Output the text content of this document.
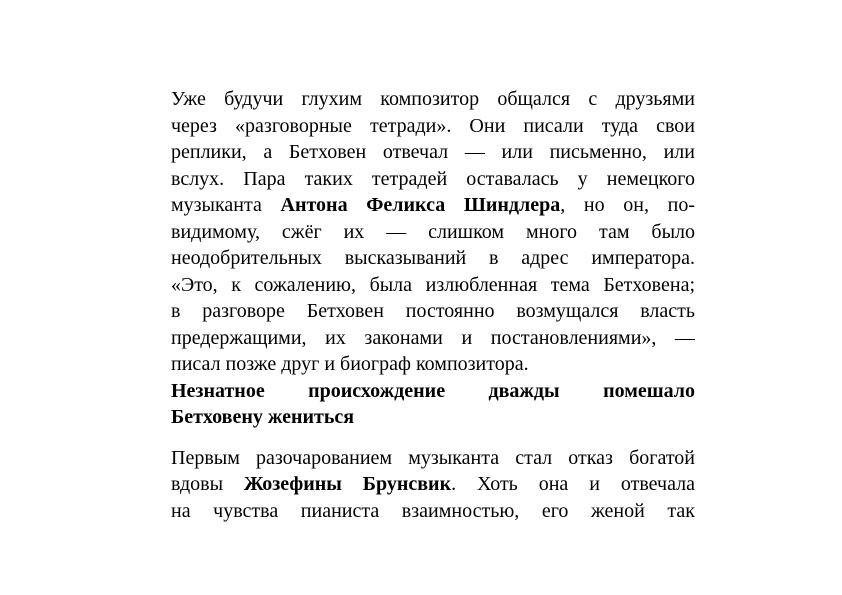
Уже будучи глухим композитор общался с друзьями
через «разговорные тетради». Они писали туда свои
реплики, а Бетховен отвечал — или письменно, или
вслух. Пара таких тетрадей оставалась у немецкого
музыканта Антона Феликса Шиндлера, но он, по-
видимому, сжёг их — слишком много там было
неодобрительных высказываний в адрес императора.
«Это, к сожалению, была излюбленная тема Бетховена;
в разговоре Бетховен постоянно возмущался власть
предержащими, их законами и постановлениями», —
писал позже друг и биограф композитора.
Незнатное происхождение дважды помешало
Бетховену жениться
Первым разочарованием музыканта стал отказ богатой
вдовы Жозефины Брунсвик. Хоть она и отвечала
на чувства пианиста взаимностью, его женой так
